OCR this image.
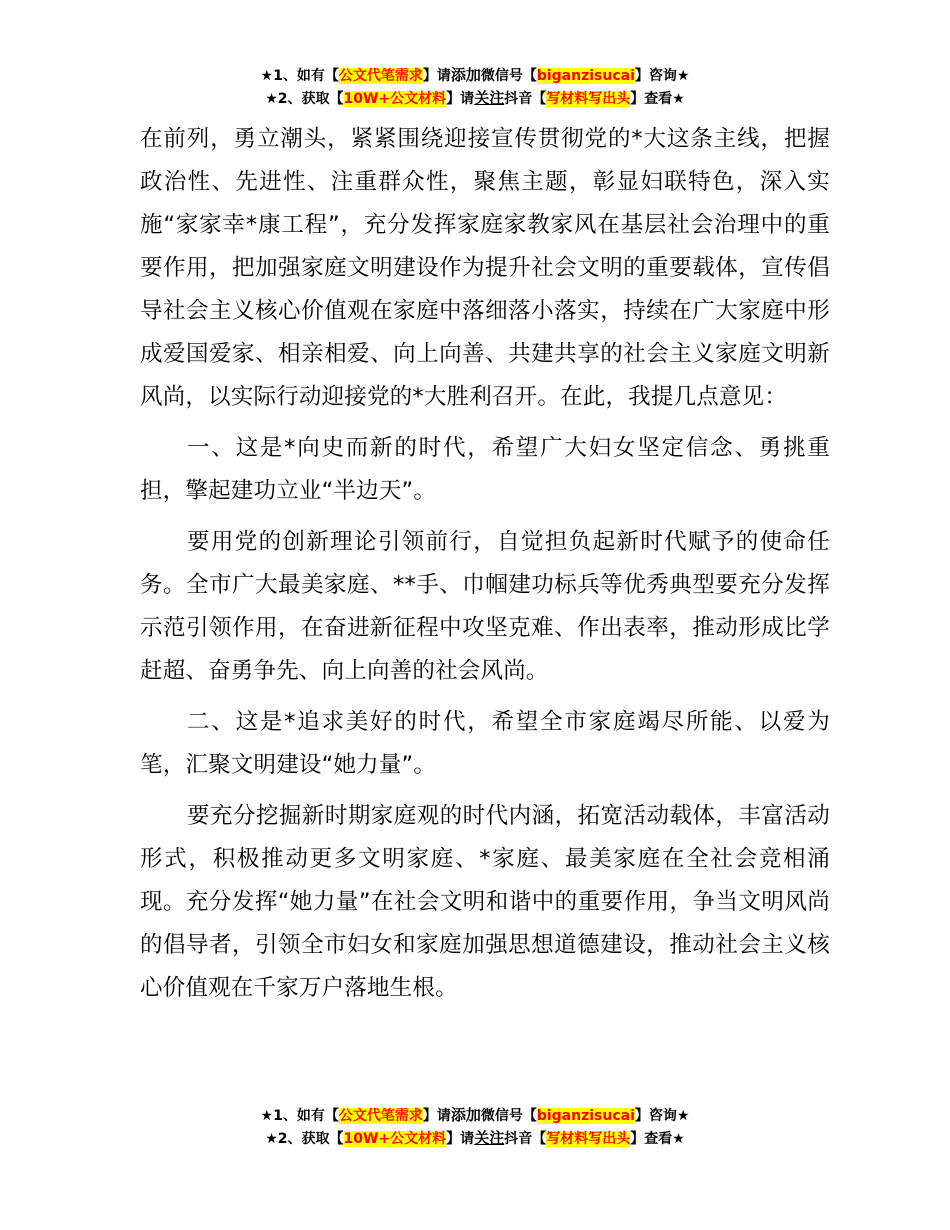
★1、如有【公文代笔需求】请添加微信号【biganzisucai】咨询★
★2、获取【10W+公文材料】请关注抖音【写材料写出头】查看★

在前列，勇立潮头，紧紧围绕迎接宣传贯彻党的*大这条主线，把握政治性、先进性、注重群众性，聚焦主题，彰显妇联特色，深入实施“家家幸*康工程”，充分发挥家庭家教家风在基层社会治理中的重要作用，把加强家庭文明建设作为提升社会文明的重要载体，宣传倡导社会主义核心价值观在家庭中落细落小落实，持续在广大家庭中形成爱国爱家、相亲相爱、向上向善、共建共享的社会主义家庭文明新风尚，以实际行动迎接党的*大胜利召开。在此，我提几点意见：

一、这是*向史而新的时代，希望广大妇女坚定信念、勇挑重担，擎起建功立业“半边天”。

要用党的创新理论引领前行，自觉担负起新时代赋予的使命任务。全市广大最美家庭、**手、巾帼建功标兵等优秀典型要充分发挥示范引领作用，在奋进新征程中攻坚克难、作出表率，推动形成比学赶超、奋勇争先、向上向善的社会风尚。

二、这是*追求美好的时代，希望全市家庭竭尽所能、以爱为笔，汇聚文明建设“她力量”。

要充分挖掘新时期家庭观的时代内涵，拓宽活动载体，丰富活动形式，积极推动更多文明家庭、*家庭、最美家庭在全社会竞相涌现。充分发挥“她力量”在社会文明和谐中的重要作用，争当文明风尚的倡导者，引领全市妇女和家庭加强思想道德建设，推动社会主义核心价值观在千家万户落地生根。

★1、如有【公文代笔需求】请添加微信号【biganzisucai】咨询★
★2、获取【10W+公文材料】请关注抖音【写材料写出头】查看★
